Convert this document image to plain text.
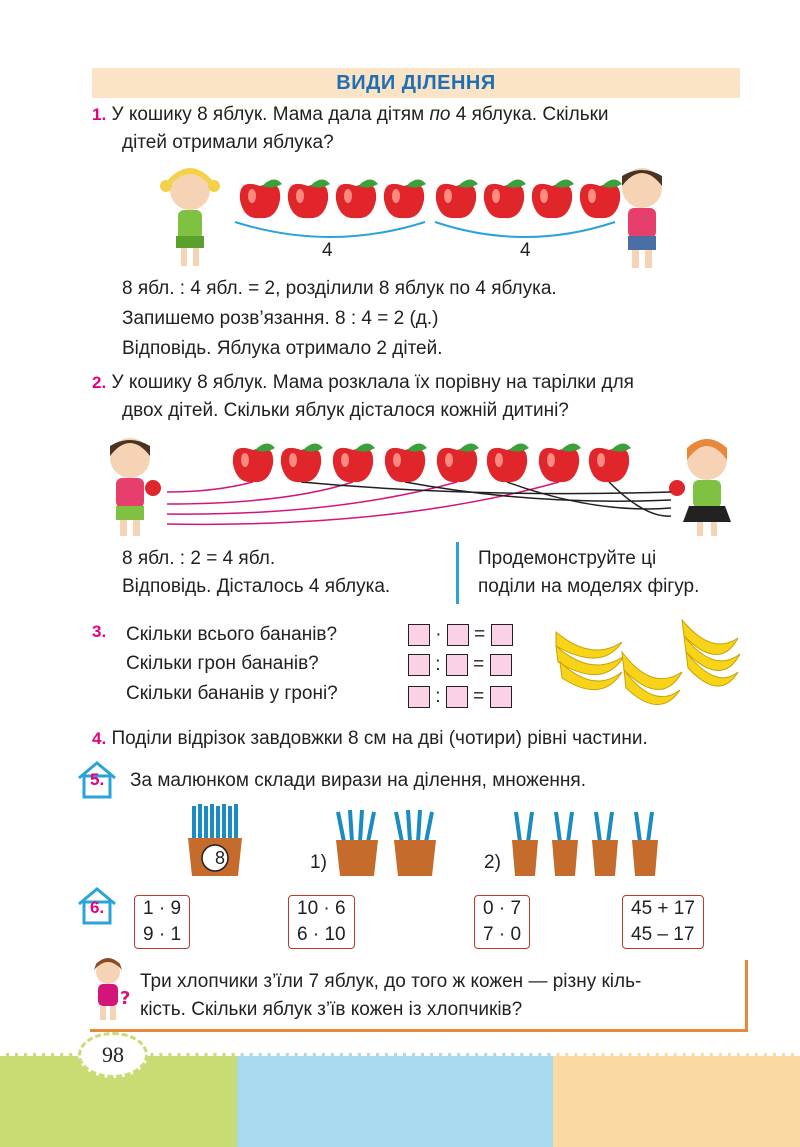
ВИДИ ДІЛЕННЯ
1. У кошику 8 яблук. Мама дала дітям по 4 яблука. Скільки
дітей отримали яблука?
4	4
8 ябл. : 4 ябл. = 2, розділили 8 яблук по 4 яблука.
Запишемо розв’язання. 8 : 4 = 2 (д.)
Відповідь. Яблука отримало 2 дітей.
2. У кошику 8 яблук. Мама розклала їх порівну на тарілки для
двох дітей. Скільки яблук дісталося кожній дитині?
8 ябл. : 2 = 4 ябл.
Відповідь. Дісталось 4 яблука.
Продемонструйте ці
поділи на моделях фігур.
3. Скільки всього бананів?
Скільки грон бананів?
Скільки бананів у гроні?
· =
: =
: =
4. Поділи відрізок завдовжки 8 см на дві (чотири) рівні частини.
5. За малюнком склади вирази на ділення, множення.
8	1)	2)
6. 1 · 9
9 · 1
10 · 6
6 · 10
0 · 7
7 · 0
45 + 17
45 – 17
?
Три хлопчики з’їли 7 яблук, до того ж кожен — різну кіль-
кість. Скільки яблук з’їв кожен із хлопчиків?
98
